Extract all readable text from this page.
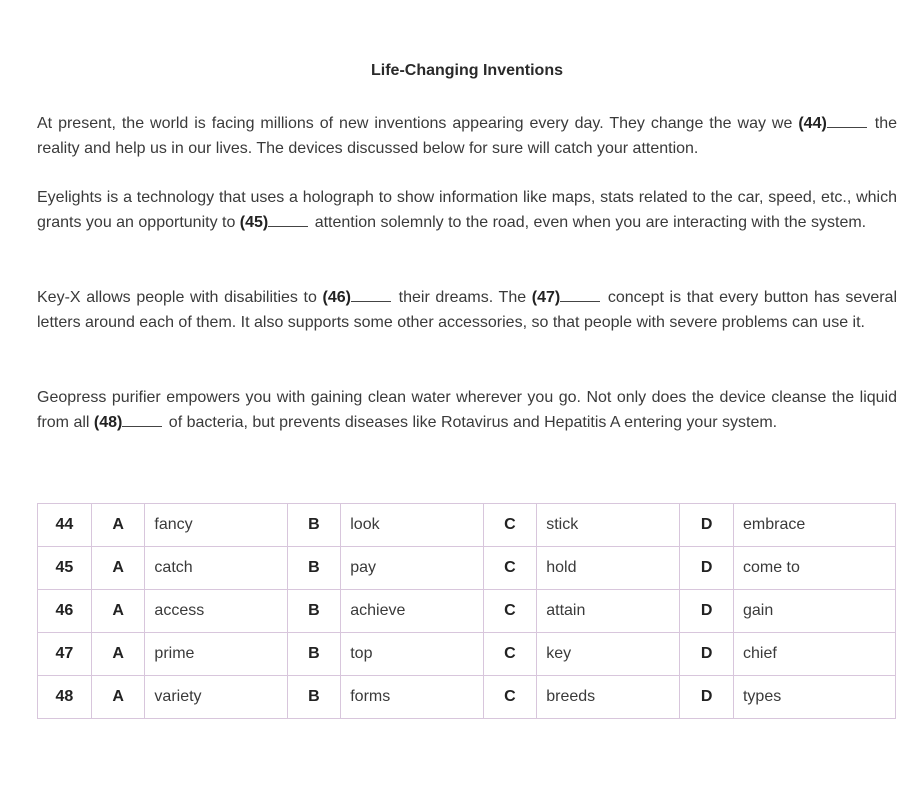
Life-Changing Inventions
At present, the world is facing millions of new inventions appearing every day. They change the way we (44)	the reality and help us in our lives. The devices discussed below for sure will catch your attention.
Eyelights is a technology that uses a holograph to show information like maps, stats related to the car, speed, etc., which grants you an opportunity to (45)	attention solemnly to the road, even when you are interacting with the system.
Key-X allows people with disabilities to (46)	their dreams. The (47)	concept is that every button has several letters around each of them. It also supports some other accessories, so that people with severe problems can use it.
Geopress purifier empowers you with gaining clean water wherever you go. Not only does the device cleanse the liquid from all (48)	of bacteria, but prevents diseases like Rotavirus and Hepatitis A entering your system.
44	A	fancy	B	look	C	stick	D	embrace
45	A	catch	B	pay	C	hold	D	come to
46	A	access	B	achieve	C	attain	D	gain
47	A	prime	B	top	C	key	D	chief
48	A	variety	B	forms	C	breeds	D	types
